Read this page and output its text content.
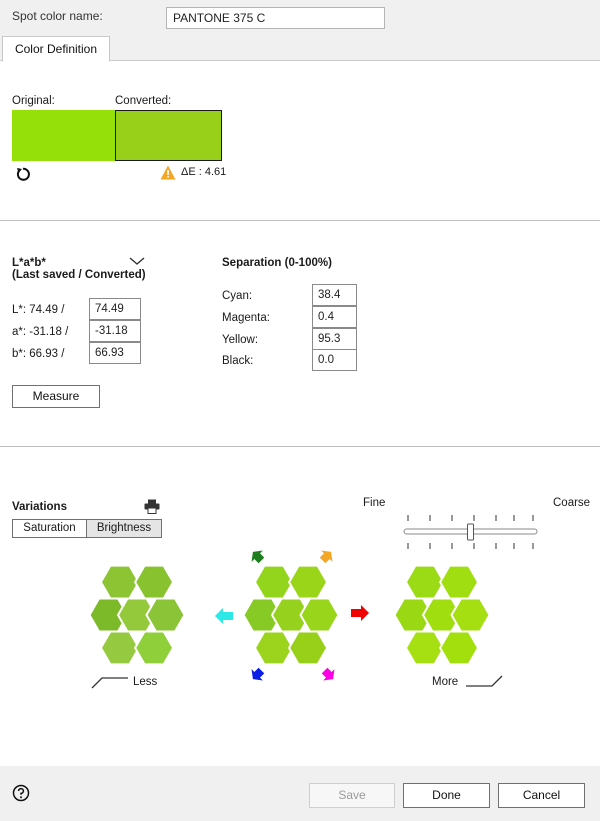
Spot color name:
PANTONE 375 C
Color Definition
Original:	Converted:
ΔE : 4.61
L*a*b*
(Last saved / Converted)
L*: 74.49 /
74.49
a*: -31.18 /
-31.18
b*: 66.93 /
66.93
Measure
Separation (0-100%)
Cyan:
38.4
Magenta:
0.4
Yellow:
95.3
Black:
0.0
Variations
Saturation	Brightness
Fine	Coarse
Less	More
Save	Done	Cancel
